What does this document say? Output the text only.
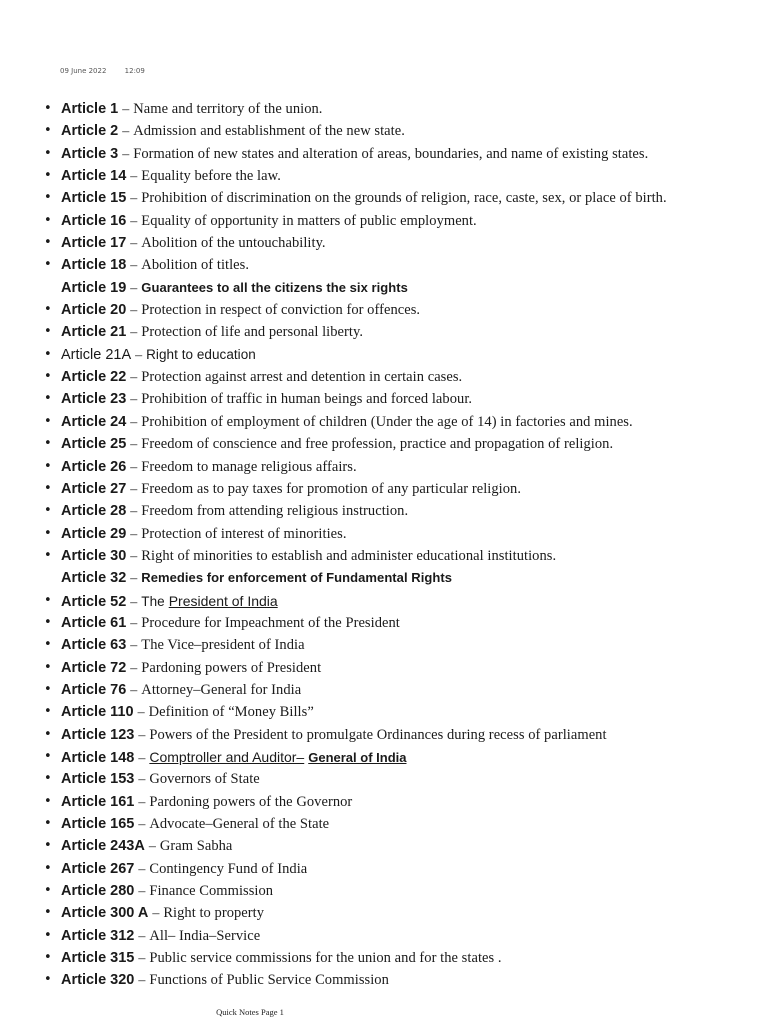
09 June 2022	12:09
• Article 1 – Name and territory of the union.
• Article 2 – Admission and establishment of the new state.
• Article 3 – Formation of new states and alteration of areas, boundaries, and name of existing states.
• Article 14 – Equality before the law.
• Article 15 – Prohibition of discrimination on the grounds of religion, race, caste, sex, or place of birth.
• Article 16 – Equality of opportunity in matters of public employment.
• Article 17 – Abolition of the untouchability.
• Article 18 – Abolition of titles.
Article 19 – Guarantees to all the citizens the six rights
• Article 20 – Protection in respect of conviction for offences.
• Article 21 – Protection of life and personal liberty.
• Article 21A – Right to education
• Article 22 – Protection against arrest and detention in certain cases.
• Article 23 – Prohibition of traffic in human beings and forced labour.
• Article 24 – Prohibition of employment of children (Under the age of 14) in factories and mines.
• Article 25 – Freedom of conscience and free profession, practice and propagation of religion.
• Article 26 – Freedom to manage religious affairs.
• Article 27 – Freedom as to pay taxes for promotion of any particular religion.
• Article 28 – Freedom from attending religious instruction.
• Article 29 – Protection of interest of minorities.
• Article 30 – Right of minorities to establish and administer educational institutions.
Article 32 – Remedies for enforcement of Fundamental Rights
• Article 52 – The President of India
• Article 61 – Procedure for Impeachment of the President
• Article 63 – The Vice–president of India
• Article 72 – Pardoning powers of President
• Article 76 – Attorney–General for India
• Article 110 – Definition of “Money Bills”
• Article 123 – Powers of the President to promulgate Ordinances during recess of parliament
• Article 148 – Comptroller and Auditor– General of India
• Article 153 – Governors of State
• Article 161 – Pardoning powers of the Governor
• Article 165 – Advocate–General of the State
• Article 243A – Gram Sabha
• Article 267 – Contingency Fund of India
• Article 280 – Finance Commission
• Article 300 A – Right to property
• Article 312 – All– India–Service
• Article 315 – Public service commissions for the union and for the states .
• Article 320 – Functions of Public Service Commission
Quick Notes Page 1
